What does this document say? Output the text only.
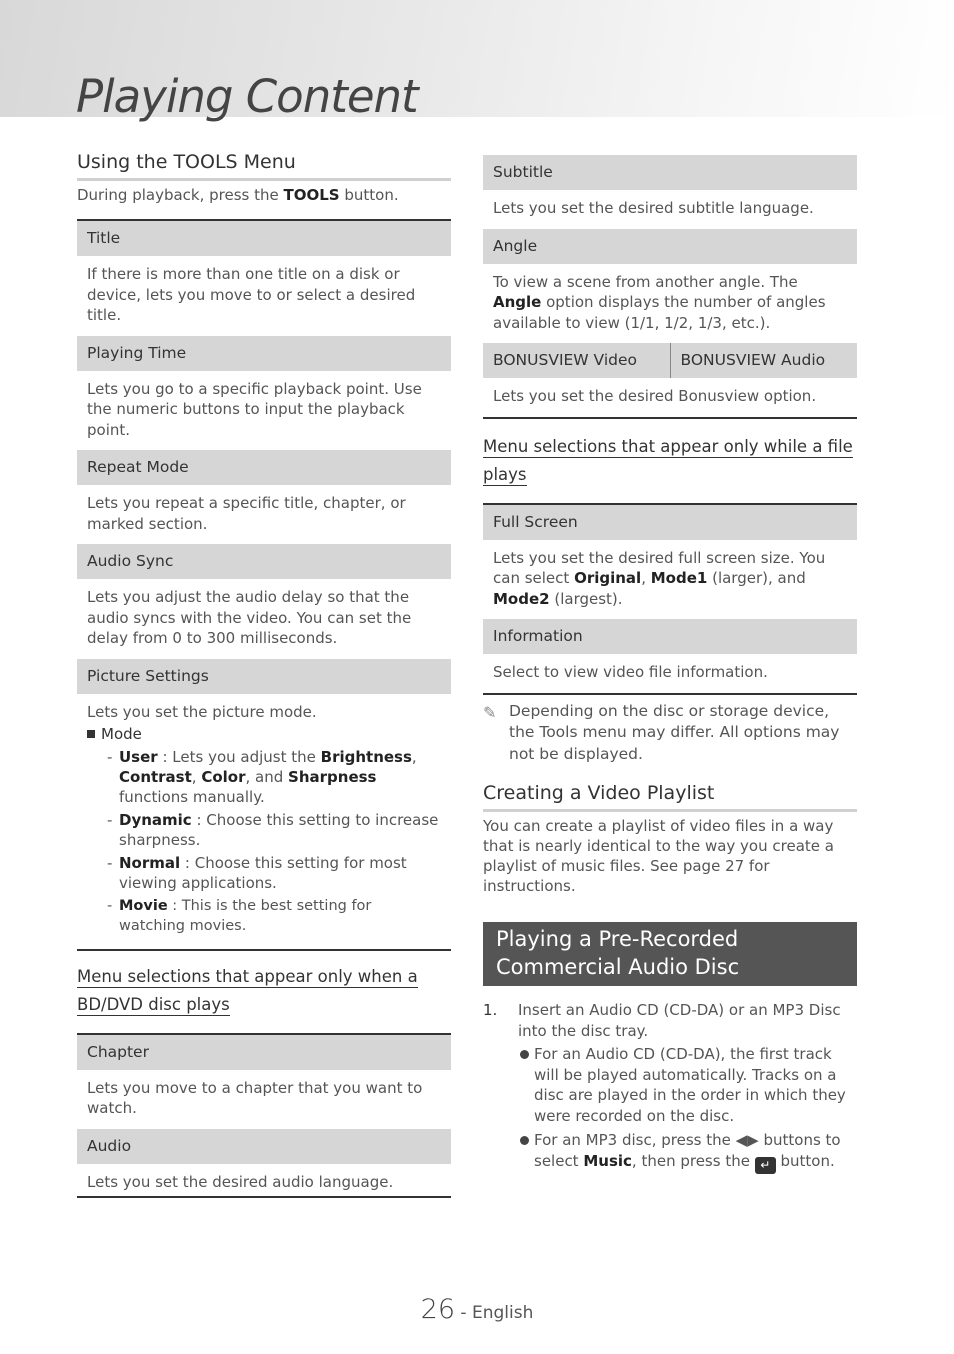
Playing Content
Using the TOOLS Menu
During playback, press the TOOLS button.
Title
If there is more than one title on a disk or device, lets you move to or select a desired title.
Playing Time
Lets you go to a specific playback point. Use the numeric buttons to input the playback point.
Repeat Mode
Lets you repeat a specific title, chapter, or marked section.
Audio Sync
Lets you adjust the audio delay so that the audio syncs with the video. You can set the delay from 0 to 300 milliseconds.
Picture Settings
Lets you set the picture mode.
Mode
- User : Lets you adjust the Brightness, Contrast, Color, and Sharpness functions manually.
- Dynamic : Choose this setting to increase sharpness.
- Normal : Choose this setting for most viewing applications.
- Movie : This is the best setting for watching movies.
Menu selections that appear only when a
BD/DVD disc plays
Chapter
Lets you move to a chapter that you want to watch.
Audio
Lets you set the desired audio language.
Subtitle
Lets you set the desired subtitle language.
Angle
To view a scene from another angle. The Angle option displays the number of angles available to view (1/1, 1/2, 1/3, etc.).
BONUSVIEW Video	BONUSVIEW Audio
Lets you set the desired Bonusview option.
Menu selections that appear only while a file
plays
Full Screen
Lets you set the desired full screen size. You can select Original, Mode1 (larger), and Mode2 (largest).
Information
Select to view video file information.
✎ Depending on the disc or storage device, the Tools menu may differ. All options may not be displayed.
Creating a Video Playlist
You can create a playlist of video files in a way that is nearly identical to the way you create a playlist of music files. See page 27 for instructions.
Playing a Pre-Recorded Commercial Audio Disc
1.	Insert an Audio CD (CD-DA) or an MP3 Disc into the disc tray.
For an Audio CD (CD-DA), the first track will be played automatically. Tracks on a disc are played in the order in which they were recorded on the disc.
For an MP3 disc, press the ◀▶ buttons to select Music, then press the ↵ button.
26 - English
